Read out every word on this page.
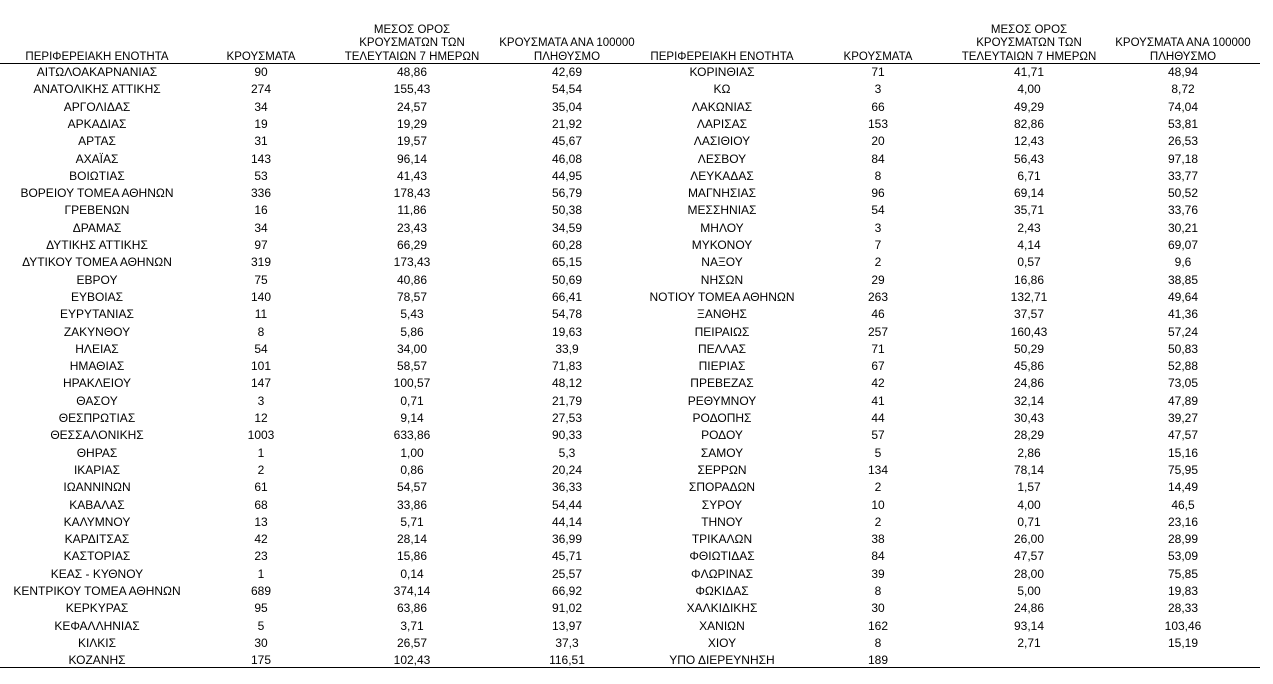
ΠΕΡΙΦΕΡΕΙΑΚΗ ΕΝΟΤΗΤΑ	ΚΡΟΥΣΜΑΤΑ
ΜΕΣΟΣ ΟΡΟΣ
ΚΡΟΥΣΜΑΤΩΝ ΤΩΝ
ΤΕΛΕΥΤΑΙΩΝ 7 ΗΜΕΡΩΝ
ΚΡΟΥΣΜΑΤΑ ΑΝΑ 100000
ΠΛΗΘΥΣΜΟ
ΑΙΤΩΛΟΑΚΑΡΝΑΝΙΑΣ	90	48,86	42,69
ΑΝΑΤΟΛΙΚΗΣ ΑΤΤΙΚΗΣ	274	155,43	54,54
ΑΡΓΟΛΙΔΑΣ	34	24,57	35,04
ΑΡΚΑΔΙΑΣ	19	19,29	21,92
ΑΡΤΑΣ	31	19,57	45,67
ΑΧΑΪΑΣ	143	96,14	46,08
ΒΟΙΩΤΙΑΣ	53	41,43	44,95
ΒΟΡΕΙΟΥ ΤΟΜΕΑ ΑΘΗΝΩΝ	336	178,43	56,79
ΓΡΕΒΕΝΩΝ	16	11,86	50,38
ΔΡΑΜΑΣ	34	23,43	34,59
ΔΥΤΙΚΗΣ ΑΤΤΙΚΗΣ	97	66,29	60,28
ΔΥΤΙΚΟΥ ΤΟΜΕΑ ΑΘΗΝΩΝ	319	173,43	65,15
ΕΒΡΟΥ	75	40,86	50,69
ΕΥΒΟΙΑΣ	140	78,57	66,41
ΕΥΡΥΤΑΝΙΑΣ	11	5,43	54,78
ΖΑΚΥΝΘΟΥ	8	5,86	19,63
ΗΛΕΙΑΣ	54	34,00	33,9
ΗΜΑΘΙΑΣ	101	58,57	71,83
ΗΡΑΚΛΕΙΟΥ	147	100,57	48,12
ΘΑΣΟΥ	3	0,71	21,79
ΘΕΣΠΡΩΤΙΑΣ	12	9,14	27,53
ΘΕΣΣΑΛΟΝΙΚΗΣ	1003	633,86	90,33
ΘΗΡΑΣ	1	1,00	5,3
ΙΚΑΡΙΑΣ	2	0,86	20,24
ΙΩΑΝΝΙΝΩΝ	61	54,57	36,33
ΚΑΒΑΛΑΣ	68	33,86	54,44
ΚΑΛΥΜΝΟΥ	13	5,71	44,14
ΚΑΡΔΙΤΣΑΣ	42	28,14	36,99
ΚΑΣΤΟΡΙΑΣ	23	15,86	45,71
ΚΕΑΣ - ΚΥΘΝΟΥ	1	0,14	25,57
ΚΕΝΤΡΙΚΟΥ ΤΟΜΕΑ ΑΘΗΝΩΝ	689	374,14	66,92
ΚΕΡΚΥΡΑΣ	95	63,86	91,02
ΚΕΦΑΛΛΗΝΙΑΣ	5	3,71	13,97
ΚΙΛΚΙΣ	30	26,57	37,3
ΚΟΖΑΝΗΣ	175	102,43	116,51
ΠΕΡΙΦΕΡΕΙΑΚΗ ΕΝΟΤΗΤΑ	ΚΡΟΥΣΜΑΤΑ
ΜΕΣΟΣ ΟΡΟΣ
ΚΡΟΥΣΜΑΤΩΝ ΤΩΝ
ΤΕΛΕΥΤΑΙΩΝ 7 ΗΜΕΡΩΝ
ΚΡΟΥΣΜΑΤΑ ΑΝΑ 100000
ΠΛΗΘΥΣΜΟ
ΚΟΡΙΝΘΙΑΣ	71	41,71	48,94
ΚΩ	3	4,00	8,72
ΛΑΚΩΝΙΑΣ	66	49,29	74,04
ΛΑΡΙΣΑΣ	153	82,86	53,81
ΛΑΣΙΘΙΟΥ	20	12,43	26,53
ΛΕΣΒΟΥ	84	56,43	97,18
ΛΕΥΚΑΔΑΣ	8	6,71	33,77
ΜΑΓΝΗΣΙΑΣ	96	69,14	50,52
ΜΕΣΣΗΝΙΑΣ	54	35,71	33,76
ΜΗΛΟΥ	3	2,43	30,21
ΜΥΚΟΝΟΥ	7	4,14	69,07
ΝΑΞΟΥ	2	0,57	9,6
ΝΗΣΩΝ	29	16,86	38,85
ΝΟΤΙΟΥ ΤΟΜΕΑ ΑΘΗΝΩΝ	263	132,71	49,64
ΞΑΝΘΗΣ	46	37,57	41,36
ΠΕΙΡΑΙΩΣ	257	160,43	57,24
ΠΕΛΛΑΣ	71	50,29	50,83
ΠΙΕΡΙΑΣ	67	45,86	52,88
ΠΡΕΒΕΖΑΣ	42	24,86	73,05
ΡΕΘΥΜΝΟΥ	41	32,14	47,89
ΡΟΔΟΠΗΣ	44	30,43	39,27
ΡΟΔΟΥ	57	28,29	47,57
ΣΑΜΟΥ	5	2,86	15,16
ΣΕΡΡΩΝ	134	78,14	75,95
ΣΠΟΡΑΔΩΝ	2	1,57	14,49
ΣΥΡΟΥ	10	4,00	46,5
ΤΗΝΟΥ	2	0,71	23,16
ΤΡΙΚΑΛΩΝ	38	26,00	28,99
ΦΘΙΩΤΙΔΑΣ	84	47,57	53,09
ΦΛΩΡΙΝΑΣ	39	28,00	75,85
ΦΩΚΙΔΑΣ	8	5,00	19,83
ΧΑΛΚΙΔΙΚΗΣ	30	24,86	28,33
ΧΑΝΙΩΝ	162	93,14	103,46
ΧΙΟΥ	8	2,71	15,19
ΥΠΟ ΔΙΕΡΕΥΝΗΣΗ	189
